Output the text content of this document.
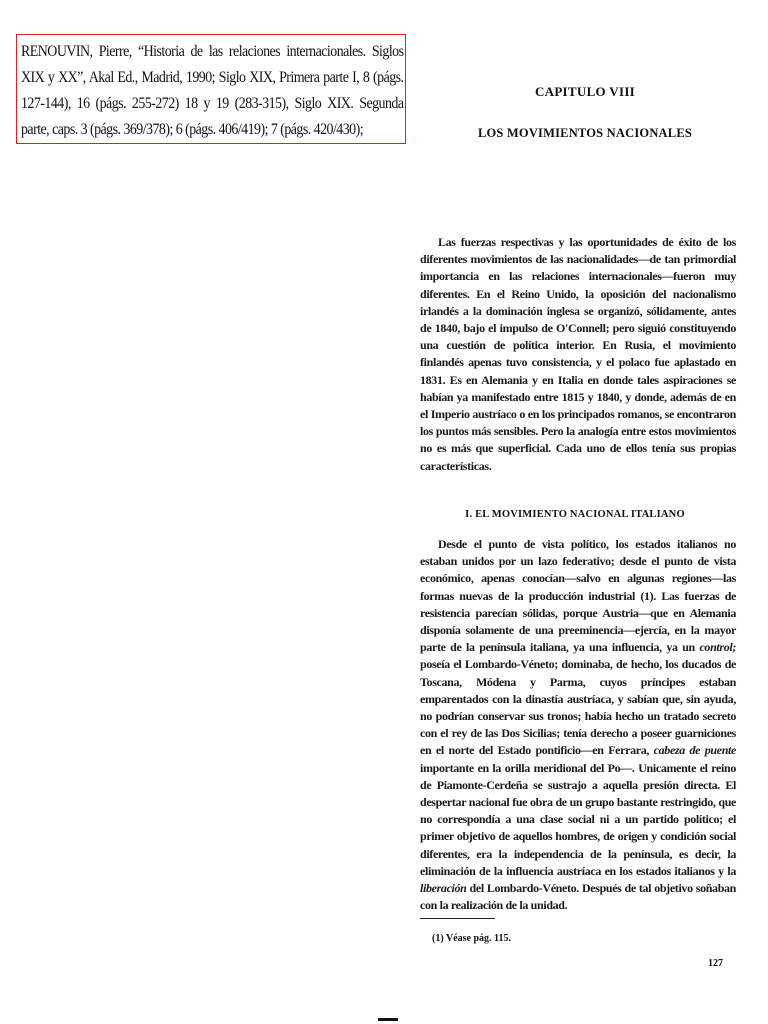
RENOUVIN, Pierre, “Historia de las relaciones internacionales. Siglos XIX y XX”, Akal Ed., Madrid, 1990; Siglo XIX, Primera parte I, 8 (págs. 127-144), 16 (págs. 255-272) 18 y 19 (283-315), Siglo XIX. Segunda parte, caps. 3 (págs. 369/378); 6 (págs. 406/419); 7 (págs. 420/430);

CAPITULO VIII
LOS MOVIMIENTOS NACIONALES

Las fuerzas respectivas y las oportunidades de éxito de los diferentes movimientos de las nacionalidades—de tan primordial importancia en las relaciones internacionales—fueron muy diferentes. En el Reino Unido, la oposición del nacionalismo irlandés a la dominación inglesa se organizó, sólidamente, antes de 1840, bajo el impulso de O'Connell; pero siguió constituyendo una cuestión de política interior. En Rusia, el movimiento finlandés apenas tuvo consistencia, y el polaco fue aplastado en 1831. Es en Alemania y en Italia en donde tales aspiraciones se habían ya manifestado entre 1815 y 1840, y donde, además de en el Imperio austríaco o en los principados romanos, se encontraron los puntos más sensibles. Pero la analogía entre estos movimientos no es más que superficial. Cada uno de ellos tenía sus propias características.

I. EL MOVIMIENTO NACIONAL ITALIANO

Desde el punto de vista político, los estados italianos no estaban unidos por un lazo federativo; desde el punto de vista económico, apenas conocían—salvo en algunas regiones—las formas nuevas de la producción industrial (1). Las fuerzas de resistencia parecían sólidas, porque Austria—que en Alemania disponía solamente de una preeminencia—ejercía, en la mayor parte de la península italiana, ya una influencia, ya un control; poseía el Lombardo-Véneto; dominaba, de hecho, los ducados de Toscana, Módena y Parma, cuyos príncipes estaban emparentados con la dinastía austríaca, y sabían que, sin ayuda, no podrían conservar sus tronos; había hecho un tratado secreto con el rey de las Dos Sicilias; tenía derecho a poseer guarniciones en el norte del Estado pontificio—en Ferrara, cabeza de puente importante en la orilla meridional del Po—. Unicamente el reino de Piamonte-Cerdeña se sustrajo a aquella presión directa. El despertar nacional fue obra de un grupo bastante restringido, que no correspondía a una clase social ni a un partido político; el primer objetivo de aquellos hombres, de origen y condición social diferentes, era la independencia de la península, es decir, la eliminación de la influencia austríaca en los estados italianos y la liberación del Lombardo-Véneto. Después de tal objetivo soñaban con la realización de la unidad.

(1) Véase pág. 115.
127
